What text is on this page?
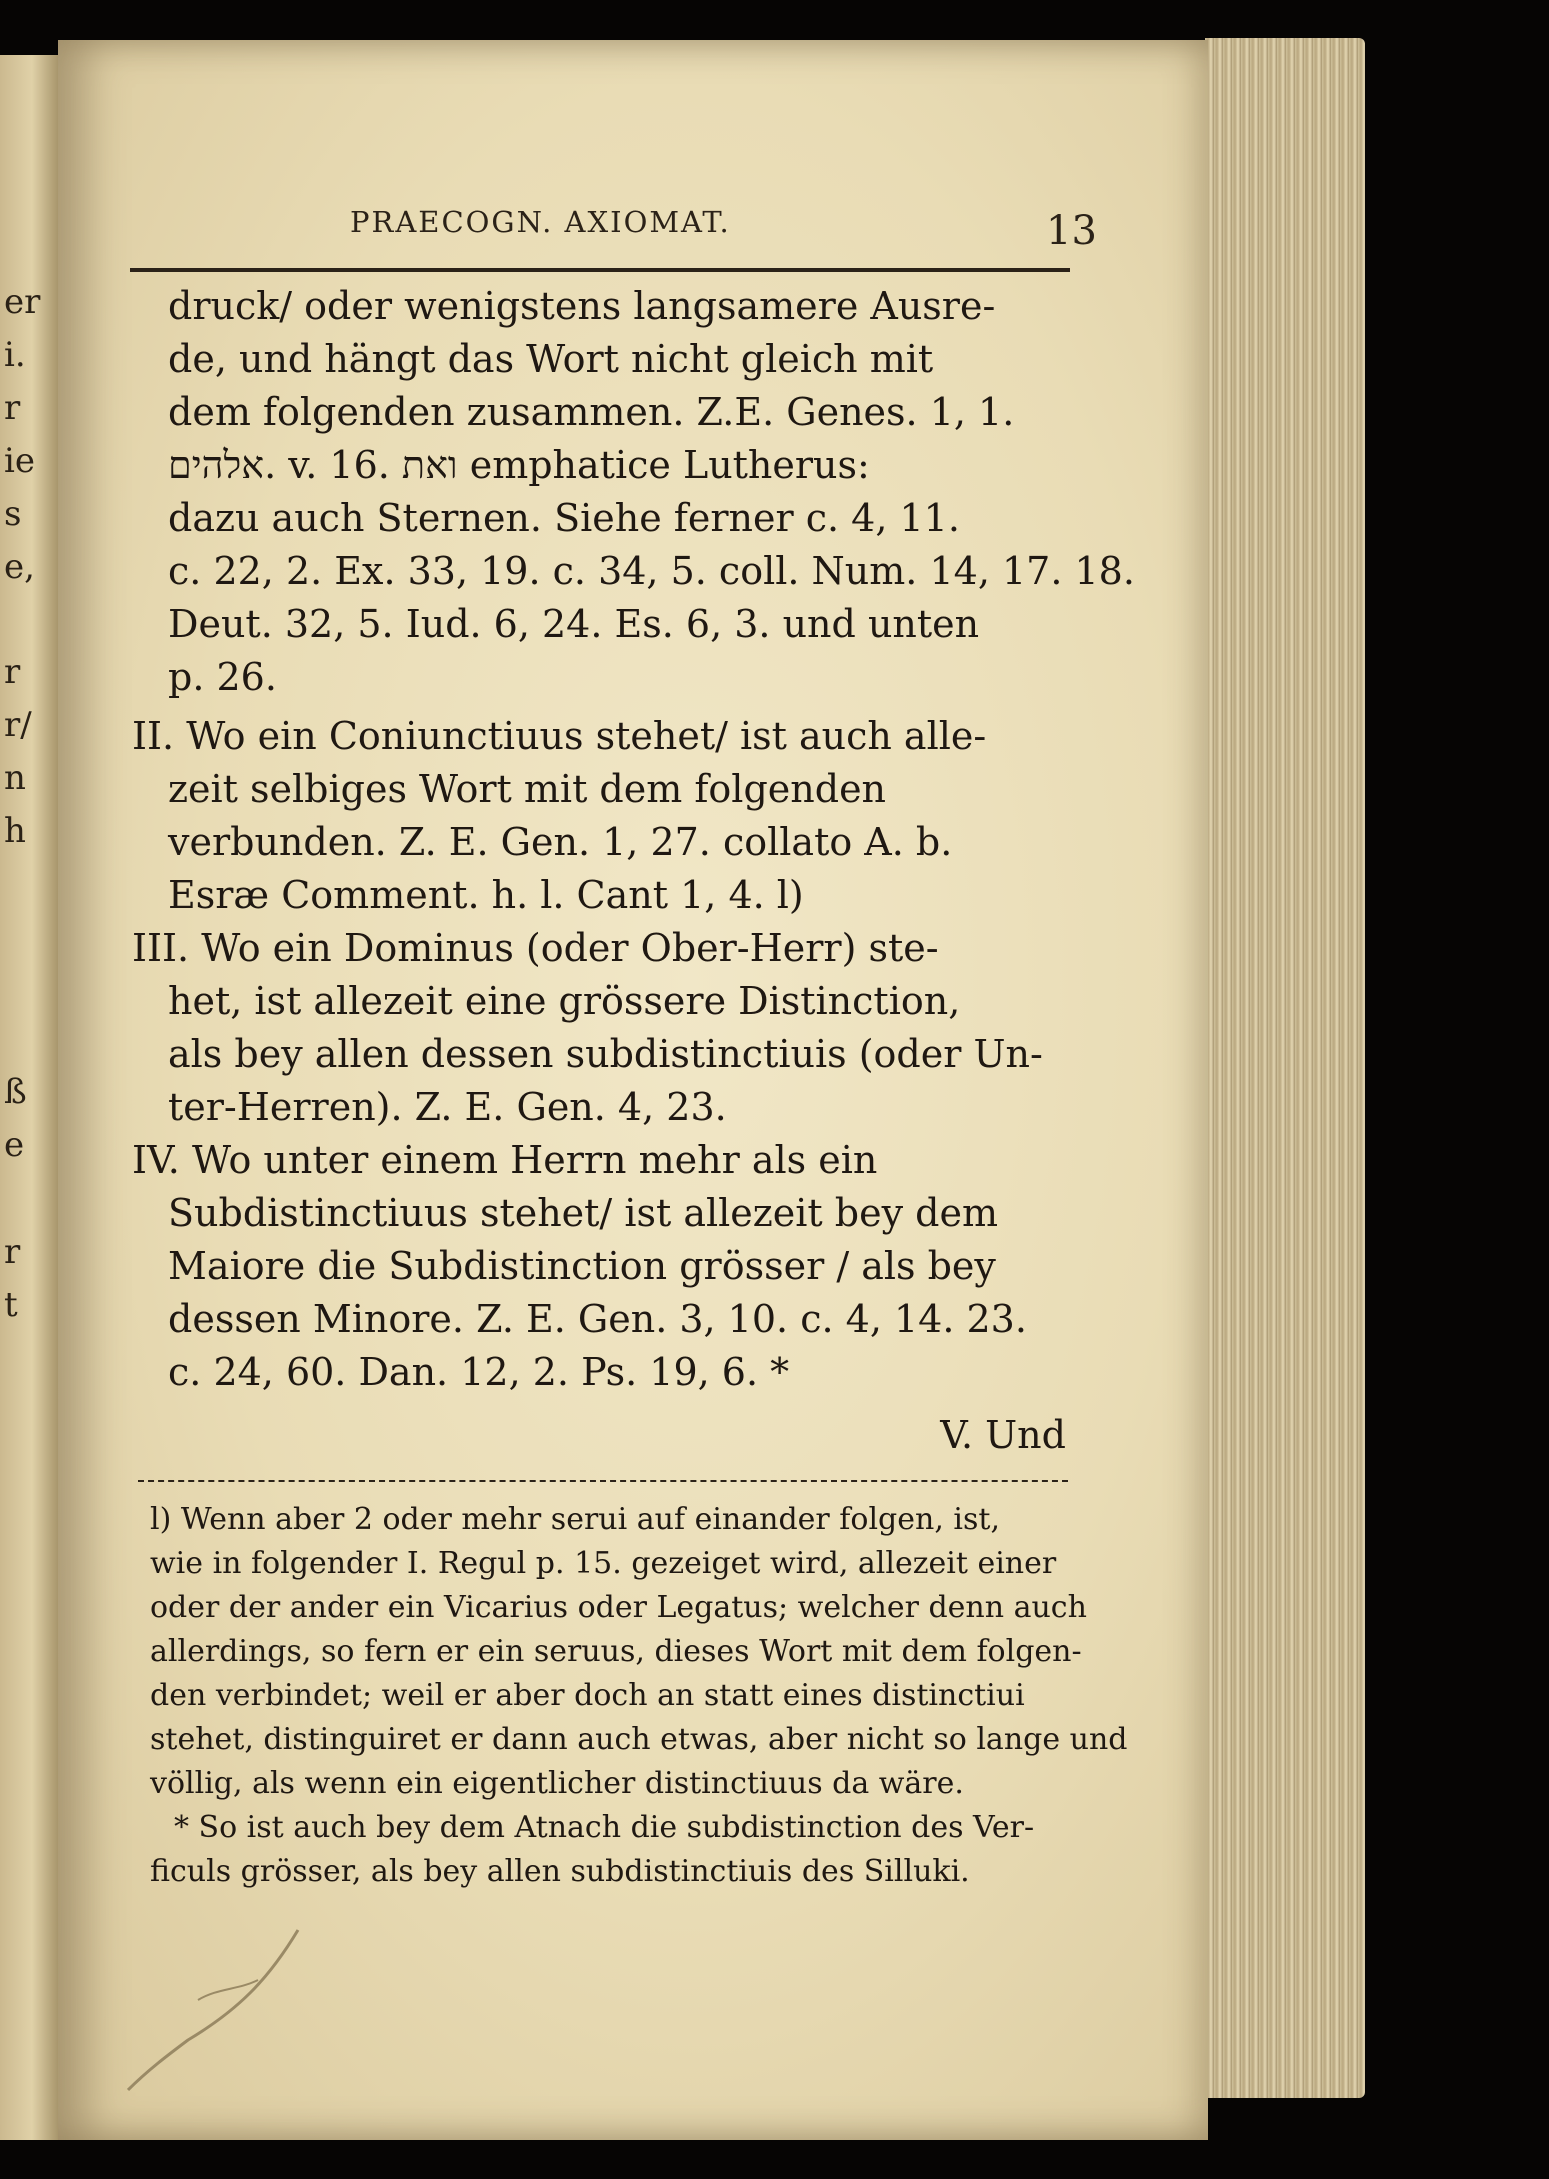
er
i.
r
ie
s
e,
r
r/
n
h
ß
e
r
t
PRAECOGN. AXIOMAT.	13
druck/ oder wenigstens langsamere Ausre-
de, und hängt das Wort nicht gleich mit
dem folgenden zusammen. Z.E. Genes. 1, 1.
אלהים. v. 16. ואת emphatice Lutherus:
dazu auch Sternen. Siehe ferner c. 4, 11.
c. 22, 2. Ex. 33, 19. c. 34, 5. coll. Num. 14, 17. 18.
Deut. 32, 5. Iud. 6, 24. Es. 6, 3. und unten
p. 26.
II. Wo ein Coniunctiuus stehet/ ist auch alle-
zeit selbiges Wort mit dem folgenden
verbunden. Z. E. Gen. 1, 27. collato A. b.
Esræ Comment. h. l. Cant 1, 4. l)
III. Wo ein Dominus (oder Ober-Herr) ste-
het, ist allezeit eine grössere Distinction,
als bey allen dessen subdistinctiuis (oder Un-
ter-Herren). Z. E. Gen. 4, 23.
IV. Wo unter einem Herrn mehr als ein
Subdistinctiuus stehet/ ist allezeit bey dem
Maiore die Subdistinction grösser / als bey
dessen Minore. Z. E. Gen. 3, 10. c. 4, 14. 23.
c. 24, 60. Dan. 12, 2. Ps. 19, 6. *
V. Und
l) Wenn aber 2 oder mehr serui auf einander folgen, ist,
wie in folgender I. Regul p. 15. gezeiget wird, allezeit einer
oder der ander ein Vicarius oder Legatus; welcher denn auch
allerdings, so fern er ein seruus, dieses Wort mit dem folgen-
den verbindet; weil er aber doch an statt eines distinctiui
stehet, distinguiret er dann auch etwas, aber nicht so lange und
völlig, als wenn ein eigentlicher distinctiuus da wäre.
* So ist auch bey dem Atnach die subdistinction des Ver-
ficuls grösser, als bey allen subdistinctiuis des Silluki.
